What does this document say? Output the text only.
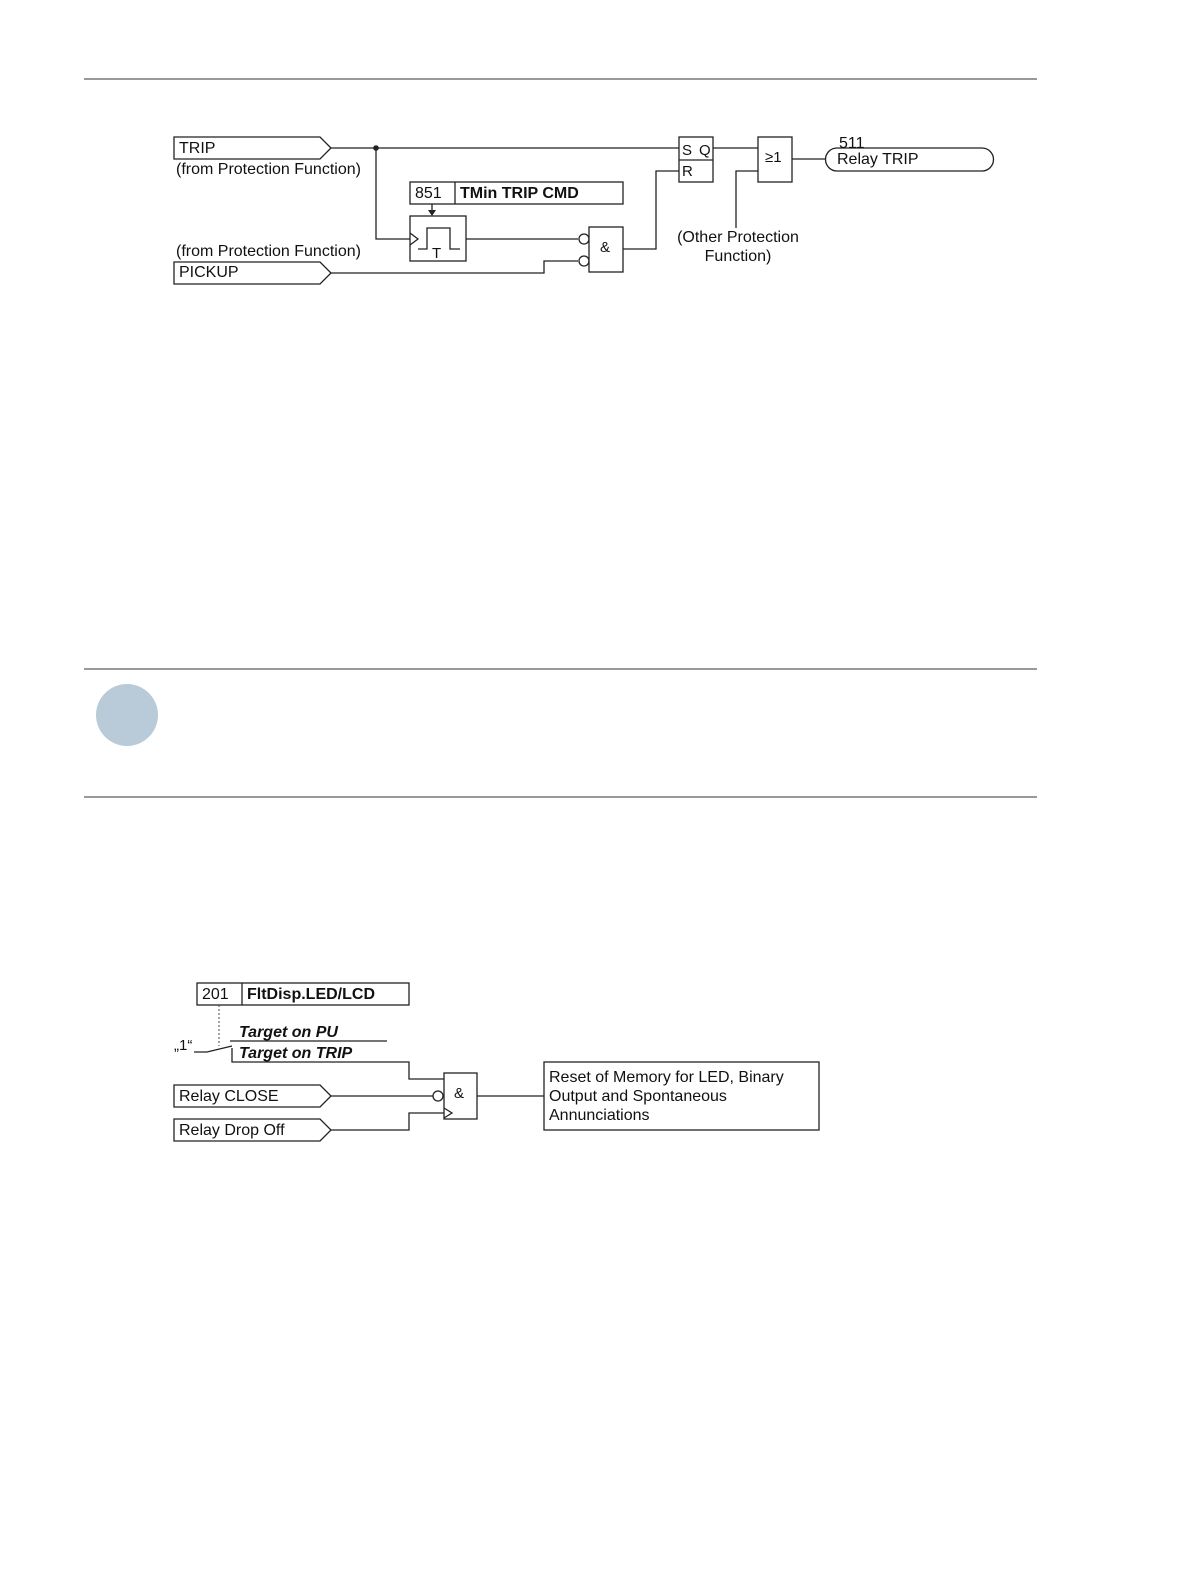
TRIP
(from Protection Function)
851 TMin TRIP CMD
T
(from Protection Function)
PICKUP
&
S Q
R
≥1
(Other Protection
Function)
511
Relay TRIP
201 FltDisp.LED/LCD
„1“
Target on PU
Target on TRIP
Relay CLOSE
Relay Drop Off
&
Reset of Memory for LED, Binary
Output and Spontaneous
Annunciations
